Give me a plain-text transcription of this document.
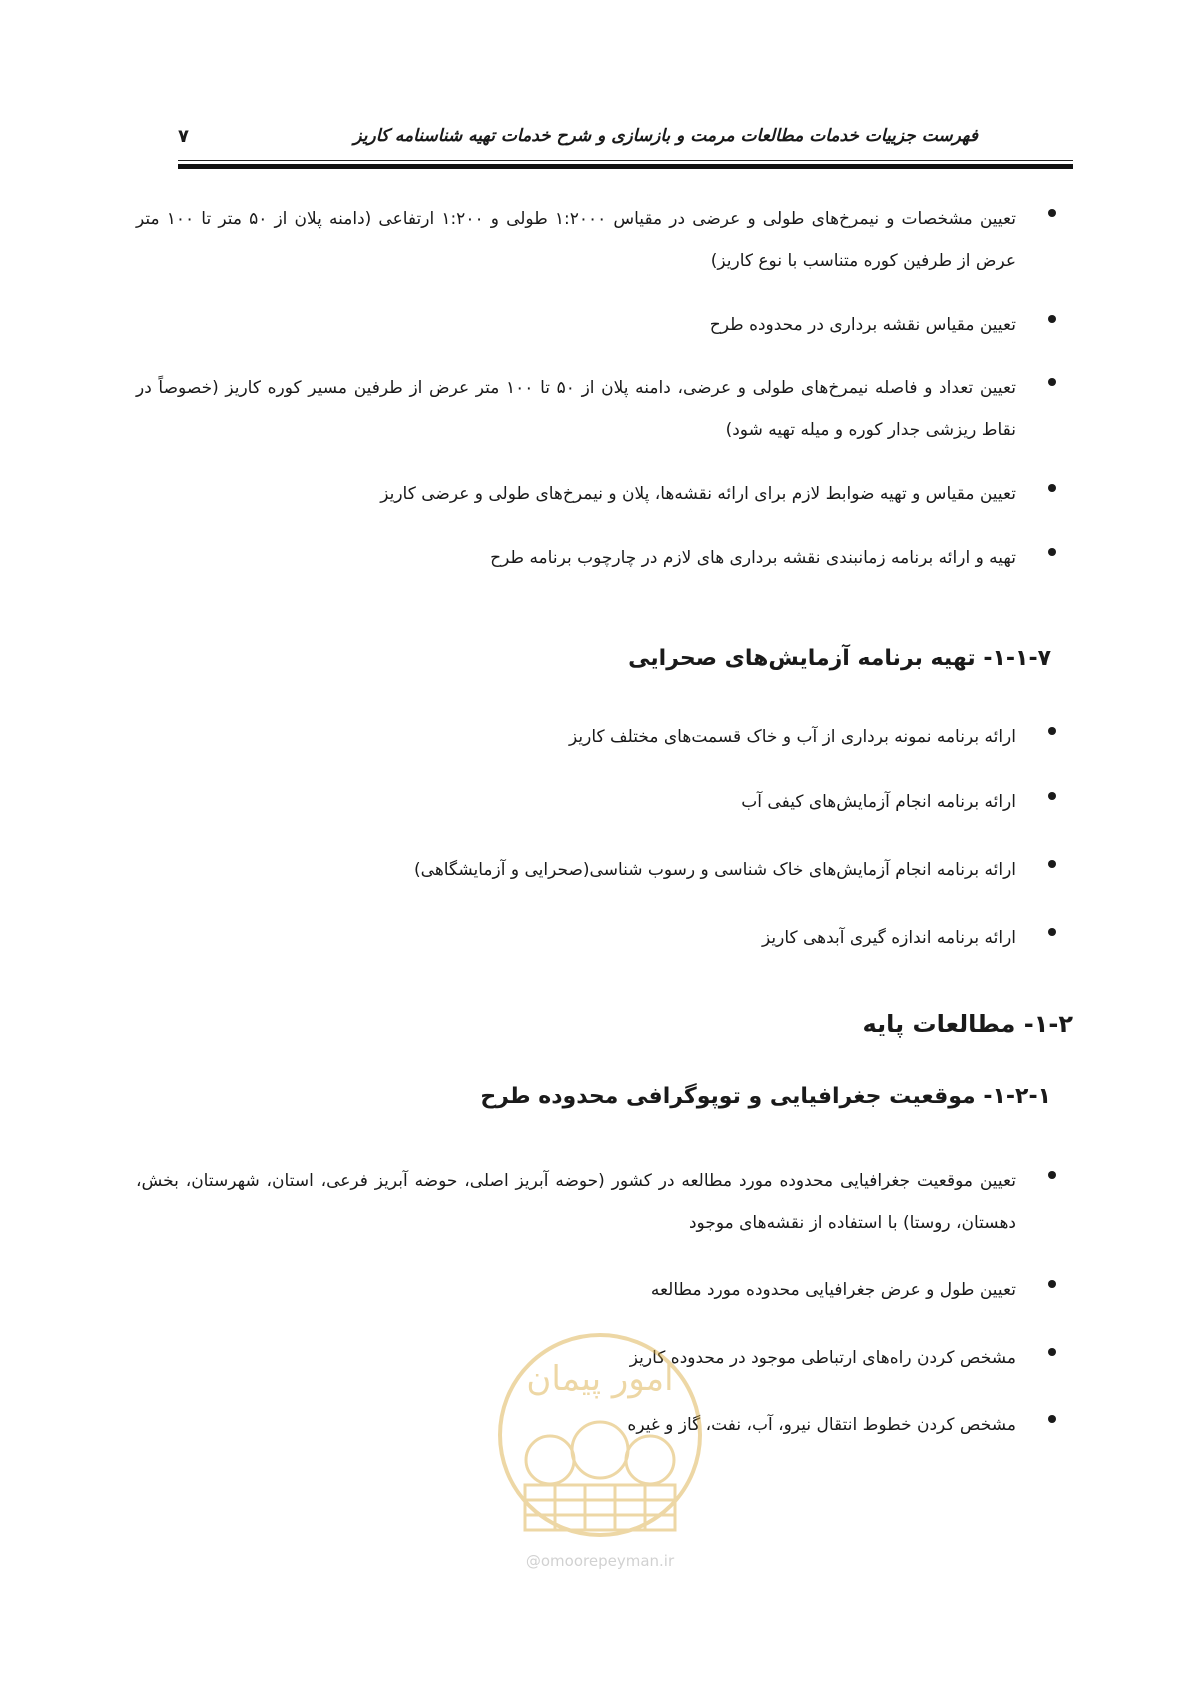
فهرست جزییات خدمات مطالعات مرمت و بازسازی و شرح خدمات تهیه شناسنامه کاریز
۷
تعیین مشخصات و نیمرخ‌های طولی و عرضی در مقیاس ۱:۲۰۰۰ طولی و ۱:۲۰۰ ارتفاعی (دامنه پلان از ۵۰ متر تا ۱۰۰ متر عرض از طرفین کوره متناسب با نوع کاریز)
تعیین مقیاس نقشه برداری در محدوده طرح
تعیین تعداد و فاصله نیمرخ‌های طولی و عرضی، دامنه پلان از ۵۰ تا ۱۰۰ متر عرض از طرفین مسیر کوره کاریز (خصوصاً در نقاط ریزشی جدار کوره و میله تهیه شود)
تعیین مقیاس و تهیه ضوابط لازم برای ارائه نقشه‌ها، پلان و نیمرخ‌های طولی و عرضی کاریز
تهیه و ارائه برنامه زمانبندی نقشه برداری های لازم در چارچوب برنامه طرح
۱-۱-۷- تهیه برنامه آزمایش‌های صحرایی
ارائه برنامه نمونه برداری از آب و خاک قسمت‌های مختلف کاریز
ارائه برنامه انجام آزمایش‌های کیفی آب
ارائه برنامه انجام آزمایش‌های خاک شناسی و رسوب شناسی(صحرایی و آزمایشگاهی)
ارائه برنامه اندازه گیری آبدهی کاریز
۱-۲- مطالعات پایه
۱-۲-۱- موقعیت جغرافیایی و توپوگرافی محدوده طرح
تعیین موقعیت جغرافیایی محدوده مورد مطالعه در کشور (حوضه آبریز اصلی، حوضه آبریز فرعی، استان، شهرستان، بخش، دهستان، روستا) با استفاده از نقشه‌های موجود
تعیین طول و عرض جغرافیایی محدوده مورد مطالعه
مشخص کردن راه‌های ارتباطی موجود در محدوده کاریز
مشخص کردن خطوط انتقال نیرو، آب، نفت، گاز و غیره
امور پیمان
@omoorepeyman.ir
